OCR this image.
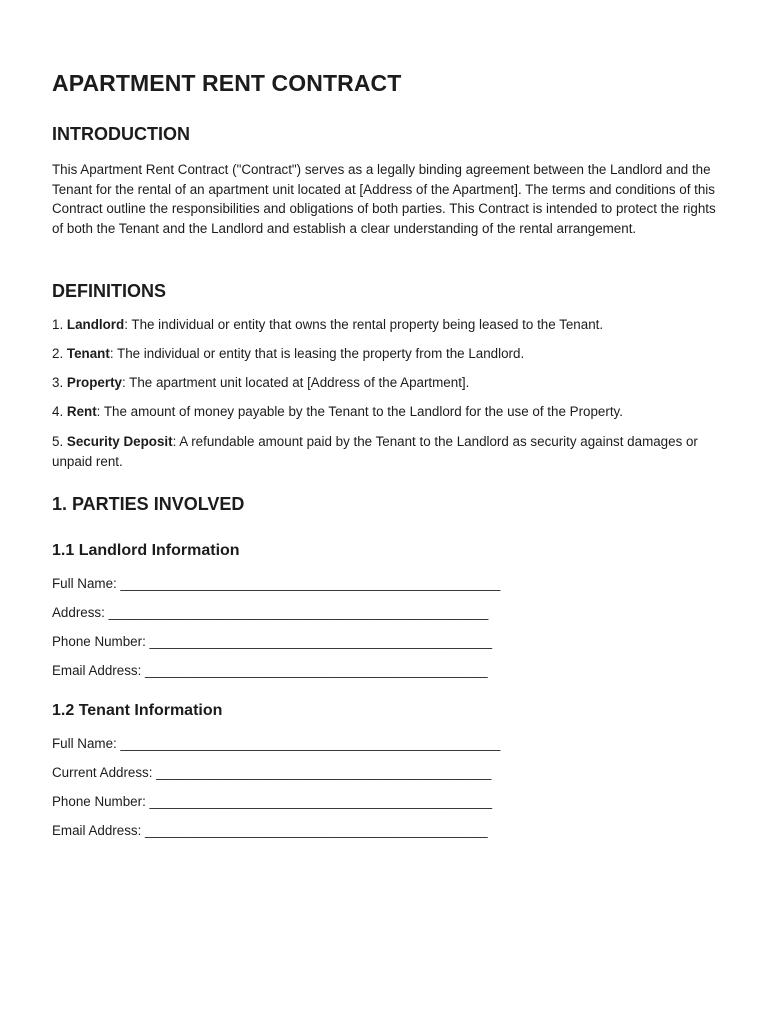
APARTMENT RENT CONTRACT
INTRODUCTION

This Apartment Rent Contract ("Contract") serves as a legally binding agreement between the Landlord and the Tenant for the rental of an apartment unit located at [Address of the Apartment]. The terms and conditions of this Contract outline the responsibilities and obligations of both parties. This Contract is intended to protect the rights of both the Tenant and the Landlord and establish a clear understanding of the rental arrangement.

DEFINITIONS

1. Landlord: The individual or entity that owns the rental property being leased to the Tenant.

2. Tenant: The individual or entity that is leasing the property from the Landlord.

3. Property: The apartment unit located at [Address of the Apartment].

4. Rent: The amount of money payable by the Tenant to the Landlord for the use of the Property.

5. Security Deposit: A refundable amount paid by the Tenant to the Landlord as security against damages or unpaid rent.

1. PARTIES INVOLVED
1.1 Landlord Information

Full Name: ___________________________________________________

Address: ___________________________________________________

Phone Number: ______________________________________________

Email Address: ______________________________________________

1.2 Tenant Information

Full Name: ___________________________________________________

Current Address: _____________________________________________

Phone Number: ______________________________________________

Email Address: ______________________________________________
